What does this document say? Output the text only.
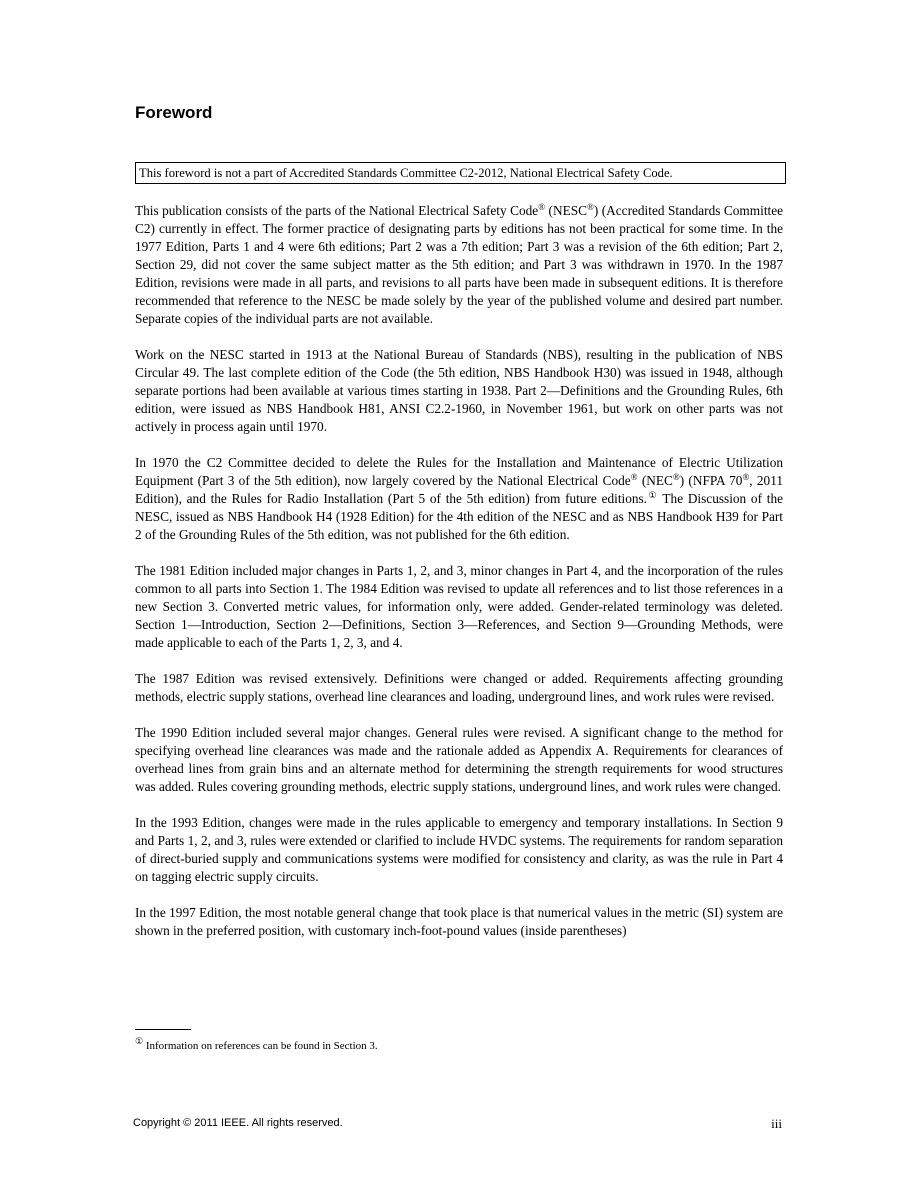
Foreword
This foreword is not a part of Accredited Standards Committee C2-2012, National Electrical Safety Code.

This publication consists of the parts of the National Electrical Safety Code® (NESC®) (Accredited Standards Committee C2) currently in effect. The former practice of designating parts by editions has not been practical for some time. In the 1977 Edition, Parts 1 and 4 were 6th editions; Part 2 was a 7th edition; Part 3 was a revision of the 6th edition; Part 2, Section 29, did not cover the same subject matter as the 5th edition; and Part 3 was withdrawn in 1970. In the 1987 Edition, revisions were made in all parts, and revisions to all parts have been made in subsequent editions. It is therefore recommended that reference to the NESC be made solely by the year of the published volume and desired part number. Separate copies of the individual parts are not available.

Work on the NESC started in 1913 at the National Bureau of Standards (NBS), resulting in the publication of NBS Circular 49. The last complete edition of the Code (the 5th edition, NBS Handbook H30) was issued in 1948, although separate portions had been available at various times starting in 1938. Part 2—Definitions and the Grounding Rules, 6th edition, were issued as NBS Handbook H81, ANSI C2.2-1960, in November 1961, but work on other parts was not actively in process again until 1970.

In 1970 the C2 Committee decided to delete the Rules for the Installation and Maintenance of Electric Utilization Equipment (Part 3 of the 5th edition), now largely covered by the National Electrical Code® (NEC®) (NFPA 70®, 2011 Edition), and the Rules for Radio Installation (Part 5 of the 5th edition) from future editions.① The Discussion of the NESC, issued as NBS Handbook H4 (1928 Edition) for the 4th edition of the NESC and as NBS Handbook H39 for Part 2 of the Grounding Rules of the 5th edition, was not published for the 6th edition.

The 1981 Edition included major changes in Parts 1, 2, and 3, minor changes in Part 4, and the incorporation of the rules common to all parts into Section 1. The 1984 Edition was revised to update all references and to list those references in a new Section 3. Converted metric values, for information only, were added. Gender-related terminology was deleted. Section 1—Introduction, Section 2—Definitions, Section 3—References, and Section 9—Grounding Methods, were made applicable to each of the Parts 1, 2, 3, and 4.

The 1987 Edition was revised extensively. Definitions were changed or added. Requirements affecting grounding methods, electric supply stations, overhead line clearances and loading, underground lines, and work rules were revised.

The 1990 Edition included several major changes. General rules were revised. A significant change to the method for specifying overhead line clearances was made and the rationale added as Appendix A. Requirements for clearances of overhead lines from grain bins and an alternate method for determining the strength requirements for wood structures was added. Rules covering grounding methods, electric supply stations, underground lines, and work rules were changed.

In the 1993 Edition, changes were made in the rules applicable to emergency and temporary installations. In Section 9 and Parts 1, 2, and 3, rules were extended or clarified to include HVDC systems. The requirements for random separation of direct-buried supply and communications systems were modified for consistency and clarity, as was the rule in Part 4 on tagging electric supply circuits.

In the 1997 Edition, the most notable general change that took place is that numerical values in the metric (SI) system are shown in the preferred position, with customary inch-foot-pound values (inside parentheses)

① Information on references can be found in Section 3.
Copyright © 2011 IEEE. All rights reserved.	iii
